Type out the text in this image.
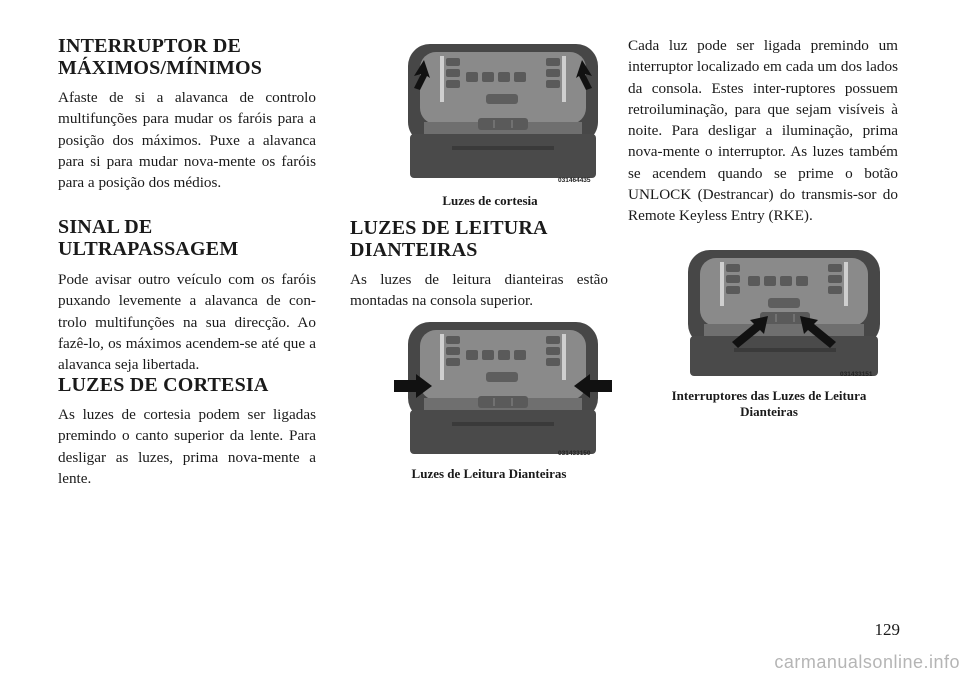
INTERRUPTOR DE
MÁXIMOS/MÍNIMOS

Afaste de si a alavanca de controlo multifunções para mudar os faróis para a posição dos máximos. Puxe a alavanca para si para mudar nova-mente os faróis para a posição dos médios.

SINAL DE
ULTRAPASSAGEM

Pode avisar outro veículo com os faróis puxando levemente a alavanca de con-trolo multifunções na sua direcção. Ao fazê-lo, os máximos acendem-se até que a alavanca seja libertada.

LUZES DE CORTESIA

As luzes de cortesia podem ser ligadas premindo o canto superior da lente. Para desligar as luzes, prima nova-mente a lente.

031464435
Luzes de cortesia
LUZES DE LEITURA
DIANTEIRAS

As luzes de leitura dianteiras estão montadas na consola superior.

031433150
Luzes de Leitura Dianteiras

Cada luz pode ser ligada premindo um interruptor localizado em cada um dos lados da consola. Estes inter-ruptores possuem retroiluminação, para que sejam visíveis à noite. Para desligar a iluminação, prima nova-mente o interruptor. As luzes também se acendem quando se prime o botão UNLOCK (Destrancar) do transmis-sor do Remote Keyless Entry (RKE).

031433151
Interruptores das Luzes de Leitura
Dianteiras
129
carmanualsonline.info
